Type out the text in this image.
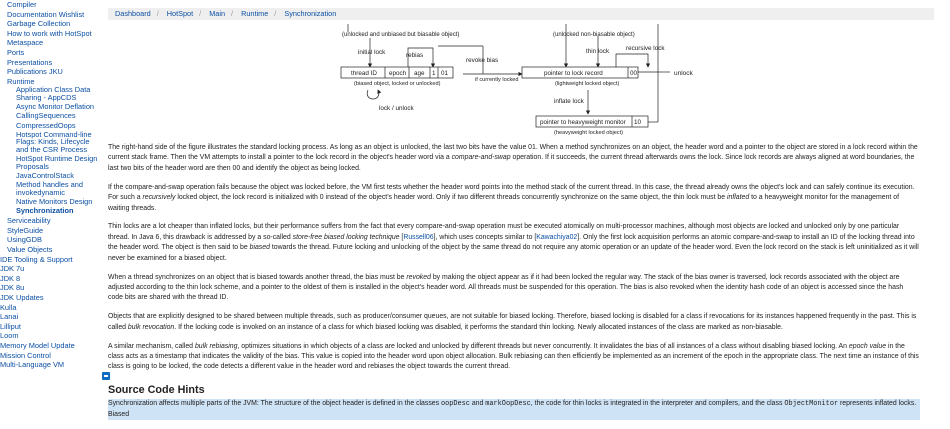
Compiler
Documentation Wishlist
Garbage Collection
How to work with HotSpot
Metaspace
Ports
Presentations
Publications JKU
Runtime
Application Class Data Sharing - AppCDS
Async Monitor Deflation
CallingSequences
CompressedOops
Hotspot Command-line Flags: Kinds, Lifecycle and the CSR Process
HotSpot Runtime Design Proposals
JavaControlStack
Method handles and invokedynamic
Native Monitors Design
Synchronization
Serviceability
StyleGuide
UsingGDB
Value Objects
IDE Tooling & Support
JDK 7u
JDK 8
JDK 8u
JDK Updates
Kulla
Lanai
Lilliput
Loom
Memory Model Update
Mission Control
Multi-Language VM
Dashboard / HotSpot / Main / Runtime / Synchronization
(unlocked and unbiased but biasable object)	(unlocked non-biasable object)
initial lock	rebias
revoke bias
if currently locked
thin lock	recursive lock
thread ID epoch age 1 01
(biased object, locked or unlocked)
lock / unlock
pointer to lock record	00
(lightweight locked object)
unlock
inflate lock
pointer to heavyweight monitor 10
(heavyweight locked object)

The right-hand side of the figure illustrates the standard locking process. As long as an object is unlocked, the last two bits have the value 01. When a method synchronizes on an object, the header word and a pointer to the object are stored in a lock record within the current stack frame. Then the VM attempts to install a pointer to the lock record in the object's header word via a compare-and-swap operation. If it succeeds, the current thread afterwards owns the lock. Since lock records are always aligned at word boundaries, the last two bits of the header word are then 00 and identify the object as being locked.

If the compare-and-swap operation fails because the object was locked before, the VM first tests whether the header word points into the method stack of the current thread. In this case, the thread already owns the object's lock and can safely continue its execution. For such a recursively locked object, the lock record is initialized with 0 instead of the object's header word. Only if two different threads concurrently synchronize on the same object, the thin lock must be inflated to a heavyweight monitor for the management of waiting threads.

Thin locks are a lot cheaper than inflated locks, but their performance suffers from the fact that every compare-and-swap operation must be executed atomically on multi-processor machines, although most objects are locked and unlocked only by one particular thread. In Java 6, this drawback is addressed by a so-called store-free biased locking technique [Russell06], which uses concepts similar to [Kawachiya02]. Only the first lock acquisition performs an atomic compare-and-swap to install an ID of the locking thread into the header word. The object is then said to be biased towards the thread. Future locking and unlocking of the object by the same thread do not require any atomic operation or an update of the header word. Even the lock record on the stack is left uninitialized as it will never be examined for a biased object.

When a thread synchronizes on an object that is biased towards another thread, the bias must be revoked by making the object appear as if it had been locked the regular way. The stack of the bias owner is traversed, lock records associated with the object are adjusted according to the thin lock scheme, and a pointer to the oldest of them is installed in the object's header word. All threads must be suspended for this operation. The bias is also revoked when the identity hash code of an object is accessed since the hash code bits are shared with the thread ID.

Objects that are explicitly designed to be shared between multiple threads, such as producer/consumer queues, are not suitable for biased locking. Therefore, biased locking is disabled for a class if revocations for its instances happened frequently in the past. This is called bulk revocation. If the locking code is invoked on an instance of a class for which biased locking was disabled, it performs the standard thin locking. Newly allocated instances of the class are marked as non-biasable.

A similar mechanism, called bulk rebiasing, optimizes situations in which objects of a class are locked and unlocked by different threads but never concurrently. It invalidates the bias of all instances of a class without disabling biased locking. An epoch value in the class acts as a timestamp that indicates the validity of the bias. This value is copied into the header word upon object allocation. Bulk rebiasing can then efficiently be implemented as an increment of the epoch in the appropriate class. The next time an instance of this class is going to be locked, the code detects a different value in the header word and rebiases the object towards the current thread.

Source Code Hints

Synchronization affects multiple parts of the JVM: The structure of the object header is defined in the classes oopDesc and markOopDesc, the code for thin locks is integrated in the interpreter and compilers, and the class ObjectMonitor represents inflated locks. Biased
